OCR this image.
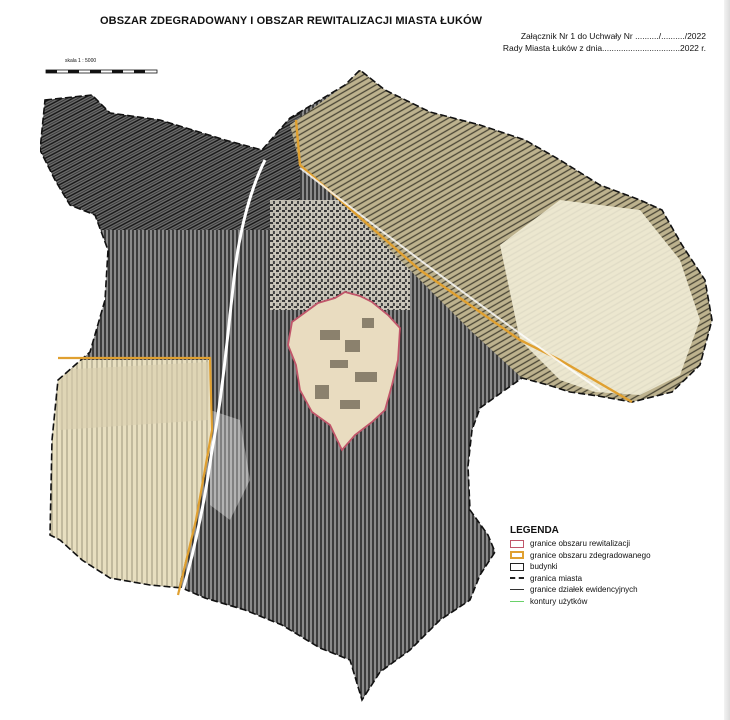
OBSZAR ZDEGRADOWANY I OBSZAR REWITALIZACJI MIASTA ŁUKÓW
Załącznik Nr 1 do Uchwały Nr ........../........../2022
Rady Miasta Łuków z dnia.................................2022 r.
skala 1 : 5000
LEGENDA
granice obszaru rewitalizacji
granice obszaru zdegradowanego
budynki
granica miasta
granice działek ewidencyjnych
kontury użytków
